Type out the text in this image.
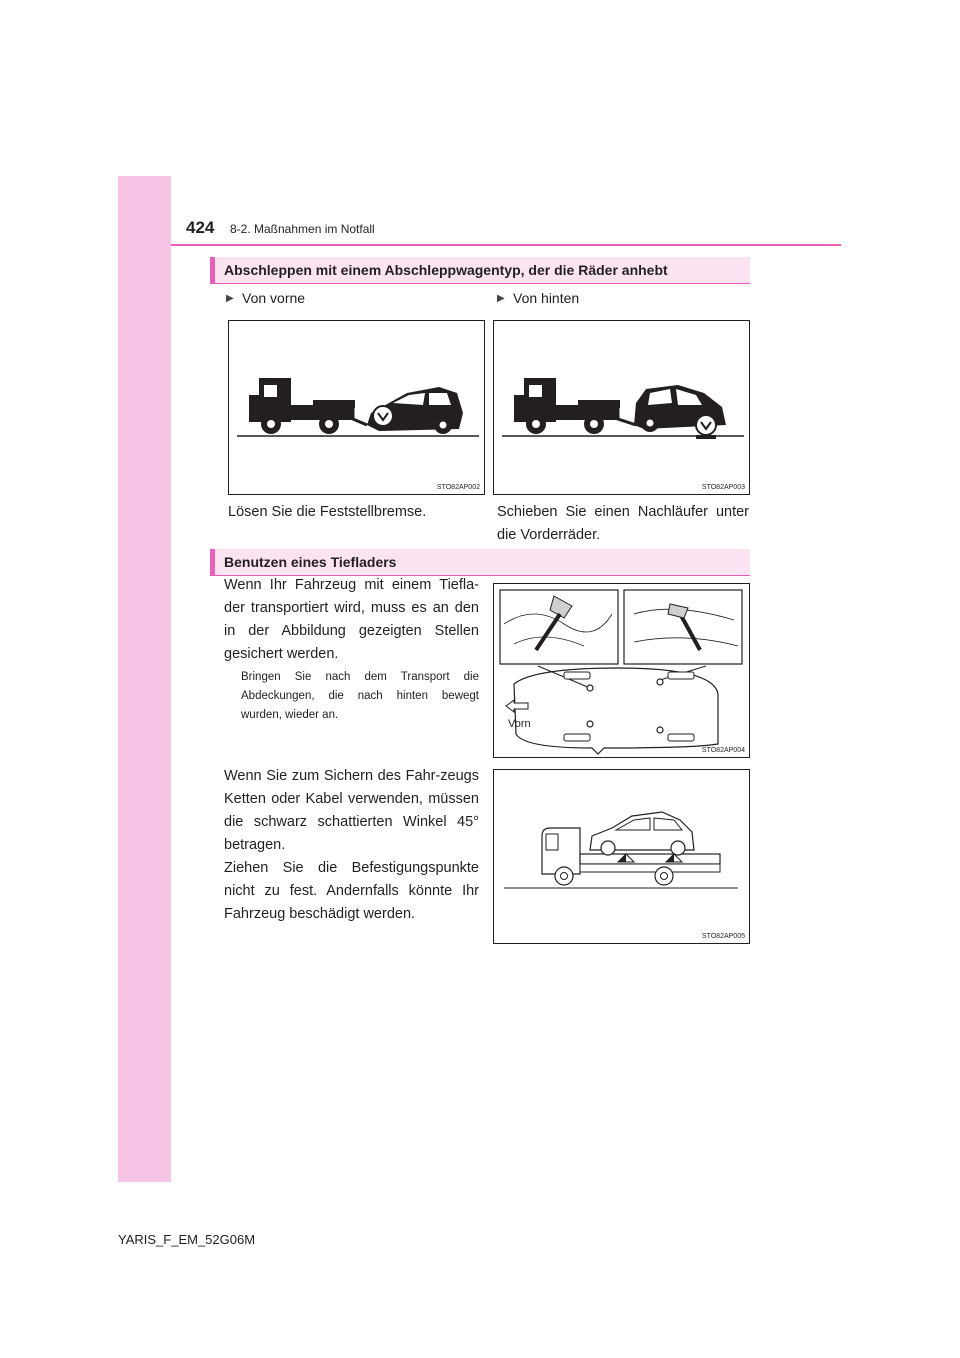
424 8-2. Maßnahmen im Notfall
Abschleppen mit einem Abschleppwagentyp, der die Räder anhebt
▶ Von vorne	▶ Von hinten
STO82AP002	STO82AP003
Lösen Sie die Feststellbremse.	Schieben Sie einen Nachläufer unter die Vorderräder.
Benutzen eines Tiefladers
Wenn Ihr Fahrzeug mit einem Tiefla-der transportiert wird, muss es an den in der Abbildung gezeigten Stellen gesichert werden.
Bringen Sie nach dem Transport die Abdeckungen, die nach hinten bewegt wurden, wieder an.
Vorn
STO82AP004
Wenn Sie zum Sichern des Fahr-zeugs Ketten oder Kabel verwenden, müssen die schwarz schattierten Winkel 45° betragen.
Ziehen Sie die Befestigungspunkte nicht zu fest. Andernfalls könnte Ihr Fahrzeug beschädigt werden.
STO82AP005
YARIS_F_EM_52G06M
